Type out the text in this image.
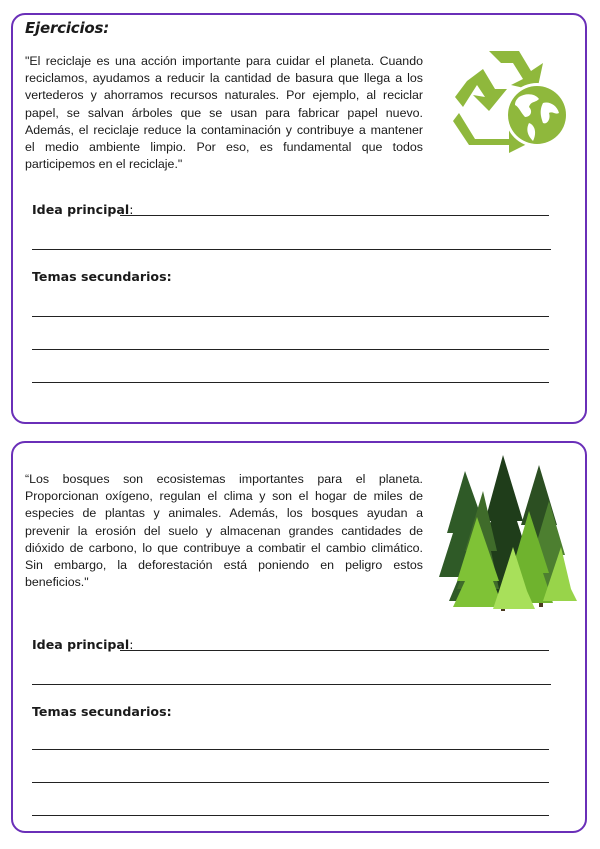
Ejercicios:
"El reciclaje es una acción importante para cuidar el planeta. Cuando reciclamos, ayudamos a reducir la cantidad de basura que llega a los vertederos y ahorramos recursos naturales. Por ejemplo, al reciclar papel, se salvan árboles que se usan para fabricar papel nuevo. Además, el reciclaje reduce la contaminación y contribuye a mantener el medio ambiente limpio. Por eso, es fundamental que todos participemos en el reciclaje."
Idea principal:
Temas secundarios:
“Los bosques son ecosistemas importantes para el planeta. Proporcionan oxígeno, regulan el clima y son el hogar de miles de especies de plantas y animales. Además, los bosques ayudan a prevenir la erosión del suelo y almacenan grandes cantidades de dióxido de carbono, lo que contribuye a combatir el cambio climático. Sin embargo, la deforestación está poniendo en peligro estos beneficios."
Idea principal:
Temas secundarios:
